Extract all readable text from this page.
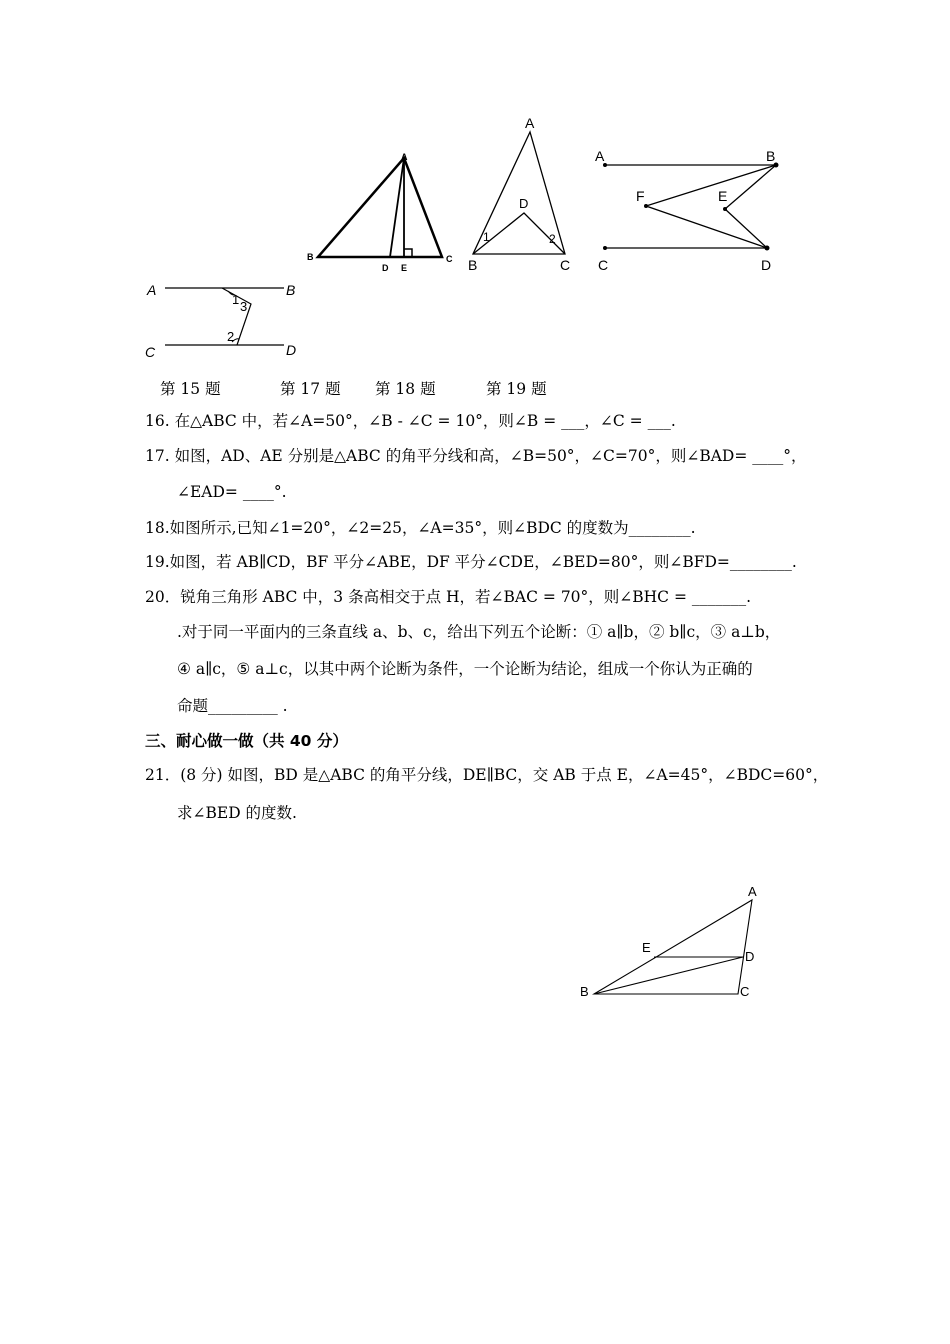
A
B	C
D E
A
B	C
D
1	2
A	B
C	D
E
F
A	B
C	D
1 3
2
第 15 题	第 17 题 第 18 题	第 19 题
16. 在△ABC 中，若∠A=50°，∠B - ∠C = 10°，则∠B = ___，∠C = ___.
17. 如图，AD、AE 分别是△ABC 的角平分线和高，∠B=50°，∠C=70°，则∠BAD= ____°，
∠EAD= ____°.
18.如图所示,已知∠1=20°，∠2=25，∠A=35°，则∠BDC 的度数为________.
19.如图，若 AB∥CD，BF 平分∠ABE，DF 平分∠CDE，∠BED=80°，则∠BFD=________.
20．锐角三角形 ABC 中，3 条高相交于点 H，若∠BAC = 70°，则∠BHC = _______.
.对于同一平面内的三条直线 a、b、c，给出下列五个论断：① a∥b，② b∥c，③ a⊥b，
④ a∥c，⑤ a⊥c，以其中两个论断为条件，一个论断为结论，组成一个你认为正确的
命题_________ .
三、耐心做一做（共 40 分）
21．(8 分) 如图，BD 是△ABC 的角平分线，DE∥BC，交 AB 于点 E，∠A=45°，∠BDC=60°，
求∠BED 的度数.
A
B	C
D
E
